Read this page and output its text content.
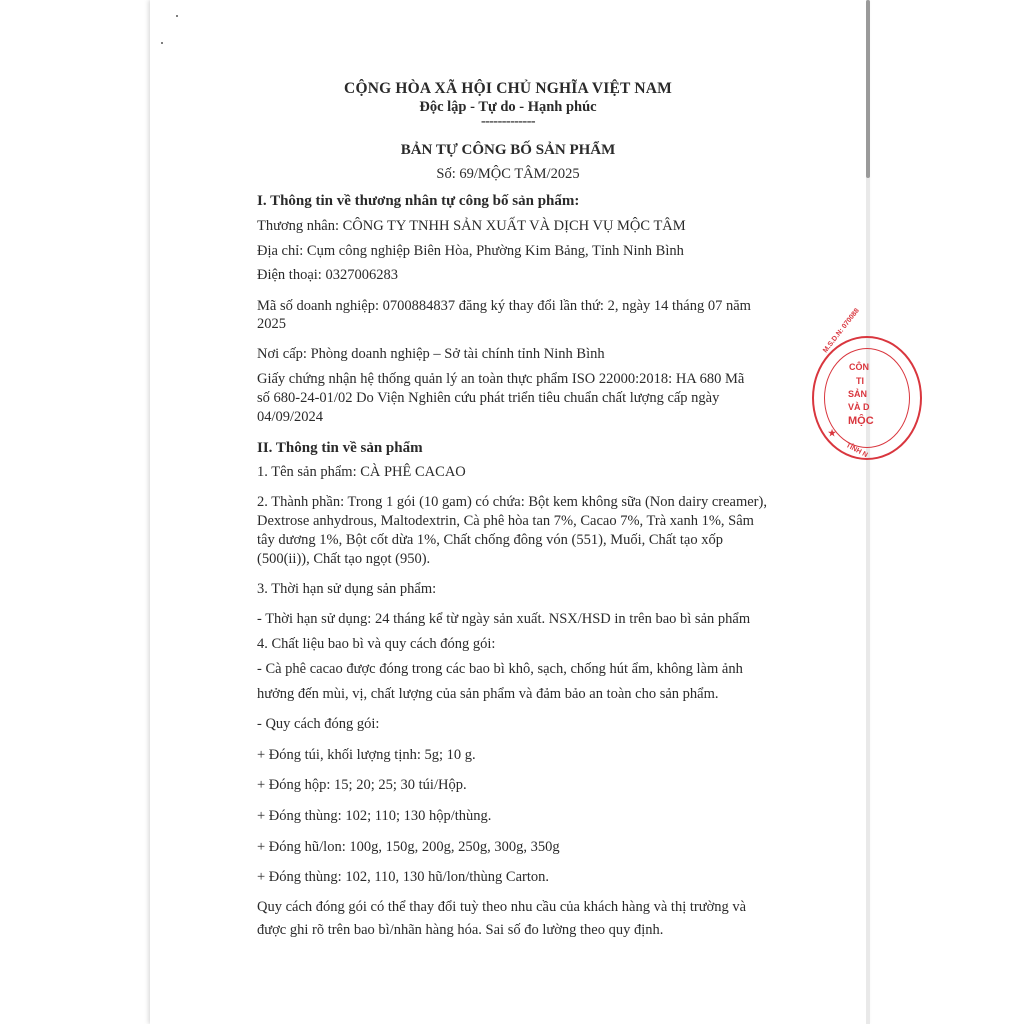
CỘNG HÒA XÃ HỘI CHỦ NGHĨA VIỆT NAM
Độc lập - Tự do - Hạnh phúc
-------------
BẢN TỰ CÔNG BỐ SẢN PHẨM
Số: 69/MỘC TÂM/2025
I. Thông tin về thương nhân tự công bố sản phẩm:
Thương nhân: CÔNG TY TNHH SẢN XUẤT VÀ DỊCH VỤ MỘC TÂM
Địa chỉ: Cụm công nghiệp Biên Hòa, Phường Kim Bảng, Tỉnh Ninh Bình
Điện thoại: 0327006283
Mã số doanh nghiệp: 0700884837 đăng ký thay đổi lần thứ: 2, ngày 14 tháng 07 năm
2025
Nơi cấp: Phòng doanh nghiệp – Sở tài chính tỉnh Ninh Bình
Giấy chứng nhận hệ thống quản lý an toàn thực phẩm ISO 22000:2018: HA 680 Mã
số 680-24-01/02 Do Viện Nghiên cứu phát triển tiêu chuẩn chất lượng cấp ngày
04/09/2024
II. Thông tin về sản phẩm
1. Tên sản phẩm: CÀ PHÊ CACAO
2. Thành phần: Trong 1 gói (10 gam) có chứa: Bột kem không sữa (Non dairy creamer),
Dextrose anhydrous, Maltodextrin, Cà phê hòa tan 7%, Cacao 7%, Trà xanh 1%, Sâm
tây dương 1%, Bột cốt dừa 1%, Chất chống đông vón (551), Muối, Chất tạo xốp
(500(ii)), Chất tạo ngọt (950).
3. Thời hạn sử dụng sản phẩm:
- Thời hạn sử dụng: 24 tháng kể từ ngày sản xuất. NSX/HSD in trên bao bì sản phẩm
4. Chất liệu bao bì và quy cách đóng gói:
- Cà phê cacao được đóng trong các bao bì khô, sạch, chống hút ẩm, không làm ảnh
hưởng đến mùi, vị, chất lượng của sản phẩm và đảm bảo an toàn cho sản phẩm.
- Quy cách đóng gói:
+ Đóng túi, khối lượng tịnh: 5g; 10 g.
+ Đóng hộp: 15; 20; 25; 30 túi/Hộp.
+ Đóng thùng: 102; 110; 130 hộp/thùng.
+ Đóng hũ/lon: 100g, 150g, 200g, 250g, 300g, 350g
+ Đóng thùng: 102, 110, 130 hũ/lon/thùng Carton.
Quy cách đóng gói có thể thay đổi tuỳ theo nhu cầu của khách hàng và thị trường và
được ghi rõ trên bao bì/nhãn hàng hóa. Sai số đo lường theo quy định.
M.S.D.N: 070088
CÔN
TI
SẢN
VÀ D
MỘC
TỈNH N
★
